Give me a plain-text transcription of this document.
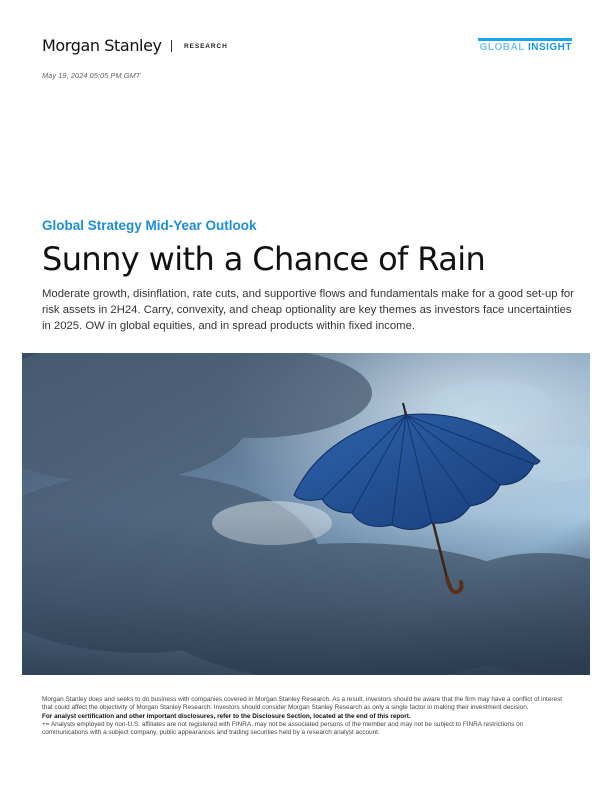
Morgan Stanley	RESEARCH	GLOBAL INSIGHT
May 19, 2024 05:05 PM GMT
Global Strategy Mid-Year Outlook
Sunny with a Chance of Rain

Moderate growth, disinflation, rate cuts, and supportive flows and fundamentals make for a good set-up for risk assets in 2H24. Carry, convexity, and cheap optionality are key themes as investors face uncertainties in 2025. OW in global equities, and in spread products within fixed income.

Morgan Stanley does and seeks to do business with companies covered in Morgan Stanley Research. As a result, investors should be aware that the firm may have a conflict of interest that could affect the objectivity of Morgan Stanley Research. Investors should consider Morgan Stanley Research as only a single factor in making their investment decision.

For analyst certification and other important disclosures, refer to the Disclosure Section, located at the end of this report.

+= Analysts employed by non-U.S. affiliates are not registered with FINRA, may not be associated persons of the member and may not be subject to FINRA restrictions on communications with a subject company, public appearances and trading securities held by a research analyst account.
